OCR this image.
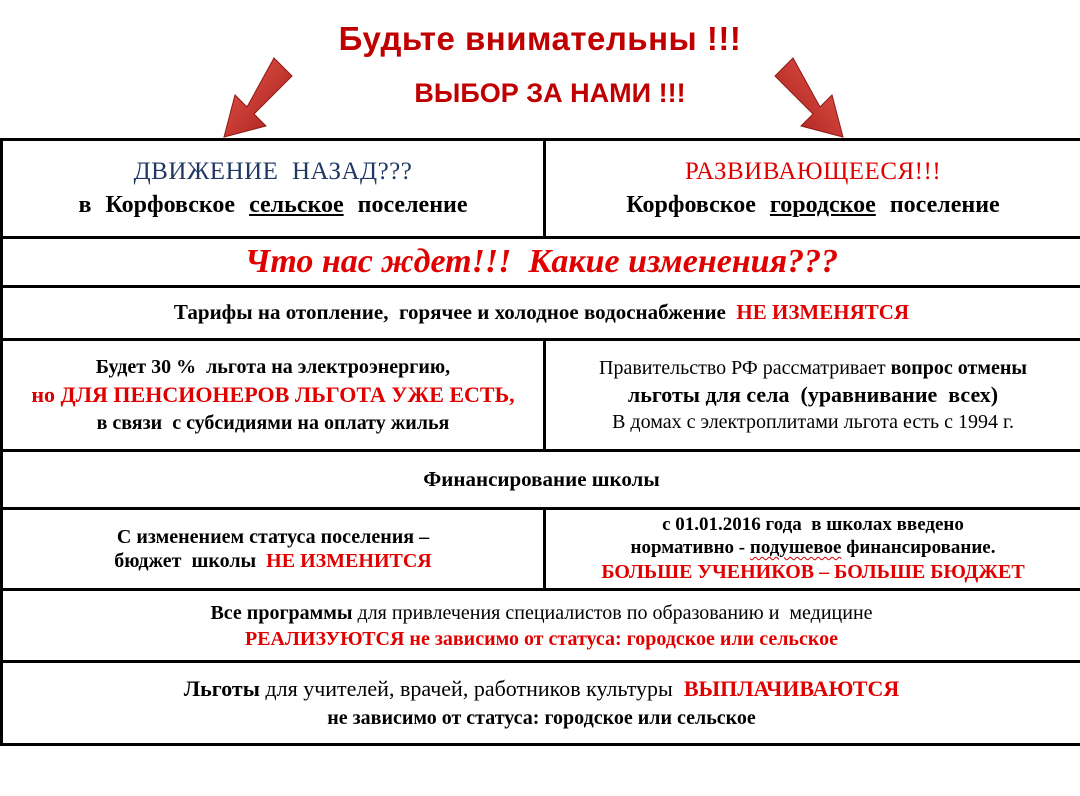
Будьте внимательны !!!
ВЫБОР ЗА НАМИ !!!
ДВИЖЕНИЕ  НАЗАД???
в Корфовское сельское поселение
РАЗВИВАЮЩЕЕСЯ!!!
Корфовское городское поселение
Что нас ждет!!!  Какие изменения???
Тарифы на отопление,  горячее и холодное водоснабжение НЕ ИЗМЕНЯТСЯ
Будет 30 %  льгота на электроэнергию,
но ДЛЯ ПЕНСИОНЕРОВ ЛЬГОТА УЖЕ ЕСТЬ,
в связи  с субсидиями на оплату жилья
Правительство РФ рассматривает вопрос отмены
льготы для села  (уравнивание  всех)
В домах с электроплитами льгота есть с 1994 г.
Финансирование школы
С изменением статуса поселения –
бюджет  школы НЕ ИЗМЕНИТСЯ
с 01.01.2016 года  в школах введено
нормативно - подушевое финансирование.
БОЛЬШЕ УЧЕНИКОВ – БОЛЬШЕ БЮДЖЕТ
Все программы для привлечения специалистов по образованию и  медицине
РЕАЛИЗУЮТСЯ не зависимо от статуса: городское или сельское
Льготы для учителей, врачей, работников культуры ВЫПЛАЧИВАЮТСЯ
не зависимо от статуса: городское или сельское
